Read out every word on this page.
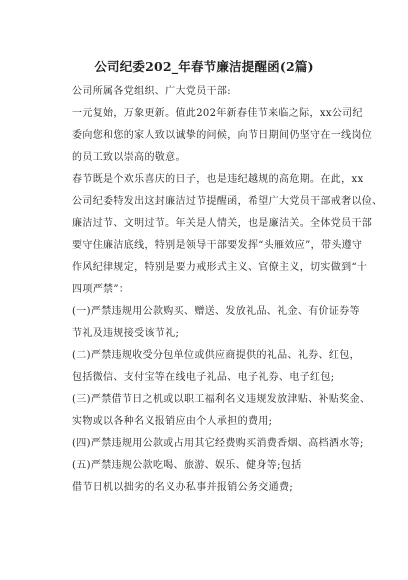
公司纪委202_年春节廉洁提醒函(2篇)
公司所属各党组织、广大党员干部:
一元复始，万象更新。值此202年新春佳节来临之际，xx公司纪
委向您和您的家人致以诚挚的问候，向节日期间仍坚守在一线岗位
的员工致以崇高的敬意。
春节既是个欢乐喜庆的日子，也是违纪越规的高危期。在此，xx
公司纪委特发出这封廉洁过节提醒函，希望广大党员干部戒奢以俭、
廉洁过节、文明过节。年关是人情关，也是廉洁关。全体党员干部
要守住廉洁底线，特别是领导干部要发挥“头雁效应”，带头遵守
作风纪律规定，特别是要力戒形式主义、官僚主义，切实做到“十
四项严禁”：
(一)严禁违规用公款购买、赠送、发放礼品、礼金、有价证券等
节礼及违规接受该节礼;
(二)严禁违规收受分包单位或供应商提供的礼品、礼券、红包，
包括微信、支付宝等在线电子礼品、电子礼券、电子红包;
(三)严禁借节日之机或以职工福利名义违规发放津贴、补贴奖金、
实物或以各种名义报销应由个人承担的费用;
(四)严禁违规用公款或占用其它经费购买消费香烟、高档酒水等;
(五)严禁违规公款吃喝、旅游、娱乐、健身等;包括
借节日机以拙劣的名义办私事并报销公务交通费;
